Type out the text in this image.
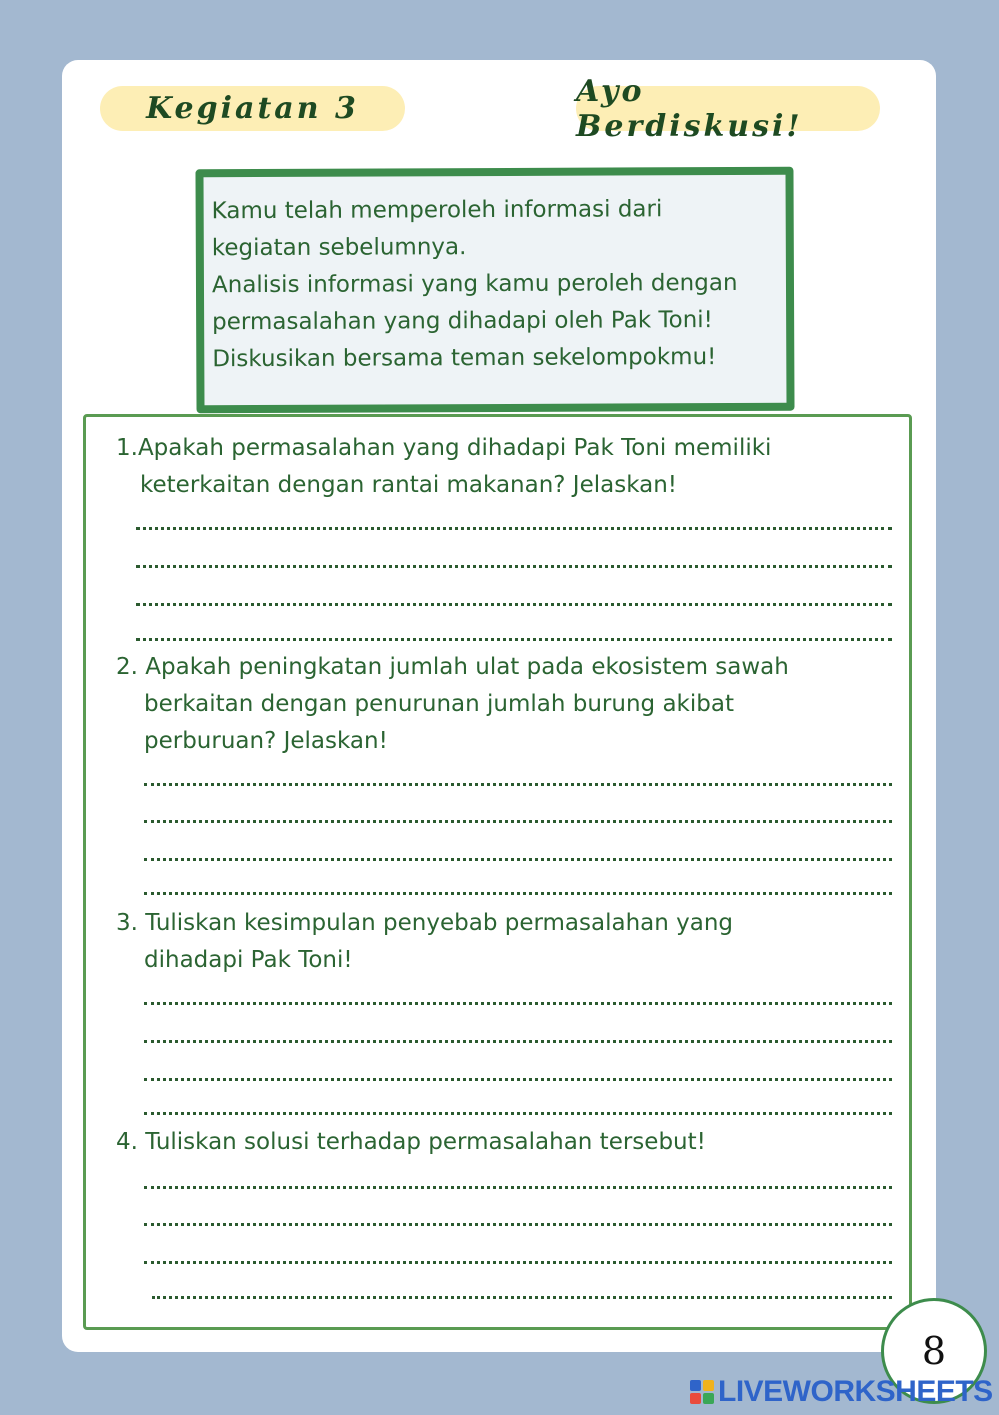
Kegiatan 3	Ayo Berdiskusi!
Kamu telah memperoleh informasi dari
kegiatan sebelumnya.
Analisis informasi yang kamu peroleh dengan
permasalahan yang dihadapi oleh Pak Toni!
Diskusikan bersama teman sekelompokmu!
1.Apakah permasalahan yang dihadapi Pak Toni memiliki
keterkaitan dengan rantai makanan? Jelaskan!
2. Apakah peningkatan jumlah ulat pada ekosistem sawah
berkaitan dengan penurunan jumlah burung akibat
perburuan? Jelaskan!
3. Tuliskan kesimpulan penyebab permasalahan yang
dihadapi Pak Toni!
4. Tuliskan solusi terhadap permasalahan tersebut!
8
LIVEWORKSHEETS
